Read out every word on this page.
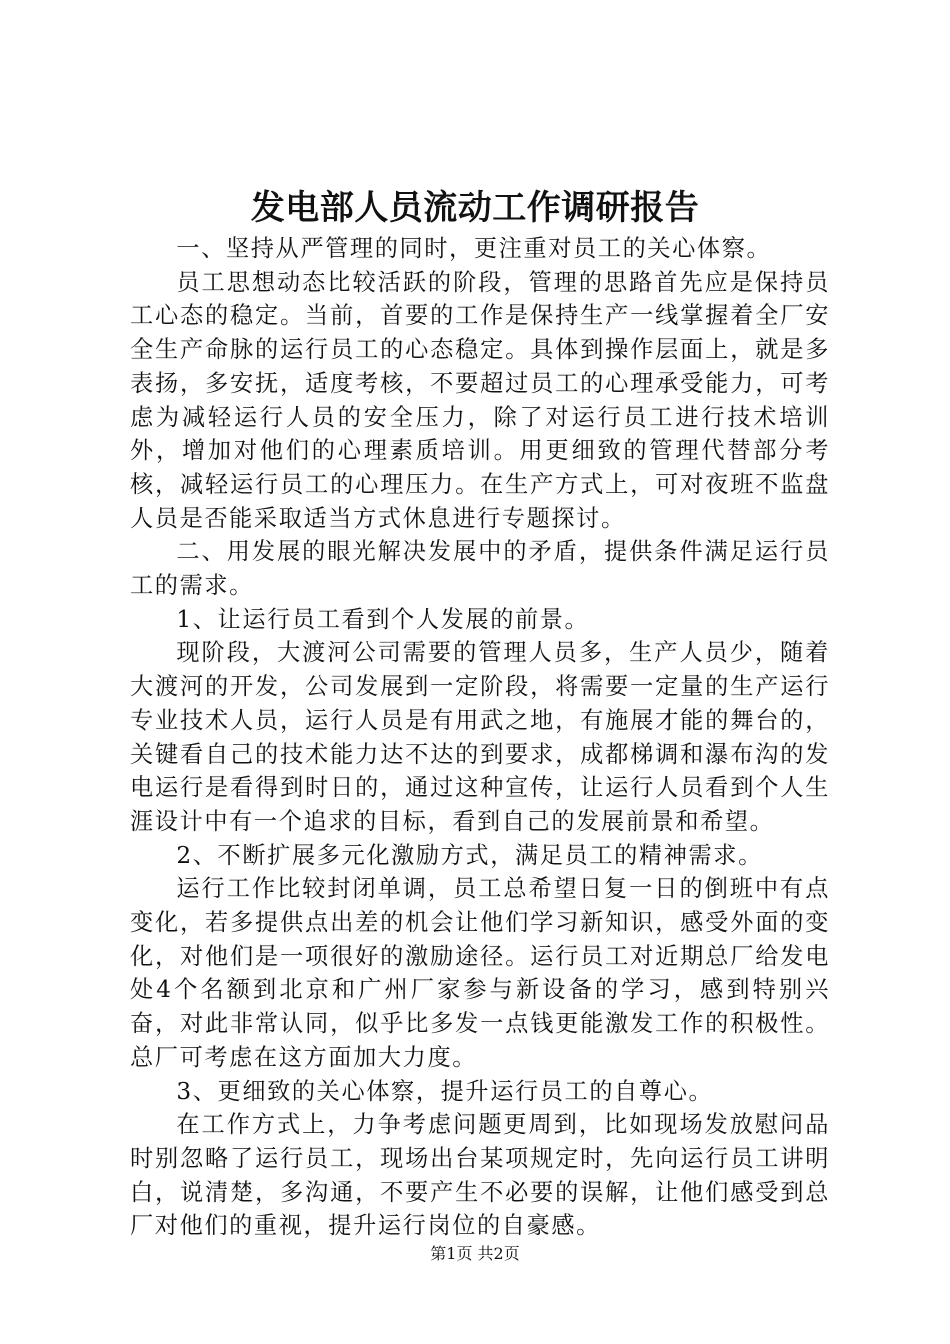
发电部人员流动工作调研报告

一、坚持从严管理的同时，更注重对员工的关心体察。

员工思想动态比较活跃的阶段，管理的思路首先应是保持员工心态的稳定。当前，首要的工作是保持生产一线掌握着全厂安全生产命脉的运行员工的心态稳定。具体到操作层面上，就是多表扬，多安抚，适度考核，不要超过员工的心理承受能力，可考虑为减轻运行人员的安全压力，除了对运行员工进行技术培训外，增加对他们的心理素质培训。用更细致的管理代替部分考核，减轻运行员工的心理压力。在生产方式上，可对夜班不监盘人员是否能采取适当方式休息进行专题探讨。

二、用发展的眼光解决发展中的矛盾，提供条件满足运行员工的需求。

1、让运行员工看到个人发展的前景。

现阶段，大渡河公司需要的管理人员多，生产人员少，随着大渡河的开发，公司发展到一定阶段，将需要一定量的生产运行专业技术人员，运行人员是有用武之地，有施展才能的舞台的，关键看自己的技术能力达不达的到要求，成都梯调和瀑布沟的发电运行是看得到时日的，通过这种宣传，让运行人员看到个人生涯设计中有一个追求的目标，看到自己的发展前景和希望。

2、不断扩展多元化激励方式，满足员工的精神需求。

运行工作比较封闭单调，员工总希望日复一日的倒班中有点变化，若多提供点出差的机会让他们学习新知识，感受外面的变化，对他们是一项很好的激励途径。运行员工对近期总厂给发电处4个名额到北京和广州厂家参与新设备的学习，感到特别兴奋，对此非常认同，似乎比多发一点钱更能激发工作的积极性。总厂可考虑在这方面加大力度。

3、更细致的关心体察，提升运行员工的自尊心。

在工作方式上，力争考虑问题更周到，比如现场发放慰问品时别忽略了运行员工，现场出台某项规定时，先向运行员工讲明白，说清楚，多沟通，不要产生不必要的误解，让他们感受到总厂对他们的重视，提升运行岗位的自豪感。

第1页 共2页
